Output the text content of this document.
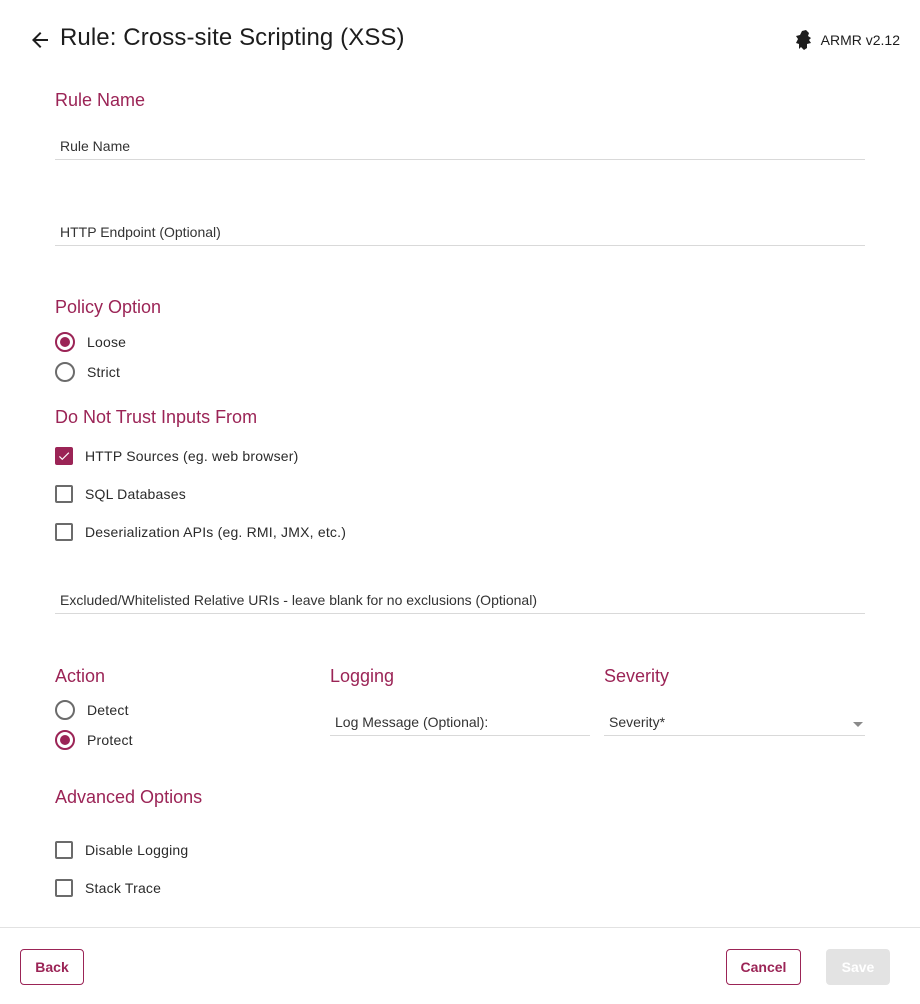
Rule: Cross-site Scripting (XSS)	ARMR v2.12
Rule Name
Rule Name
HTTP Endpoint (Optional)
Policy Option
Loose
Strict
Do Not Trust Inputs From
HTTP Sources (eg. web browser)
SQL Databases
Deserialization APIs (eg. RMI, JMX, etc.)
Excluded/Whitelisted Relative URIs - leave blank for no exclusions (Optional)
Action
Detect
Protect
Logging
Log Message (Optional):
Severity
Severity*
Advanced Options
Disable Logging
Stack Trace
Back	Cancel	Save
